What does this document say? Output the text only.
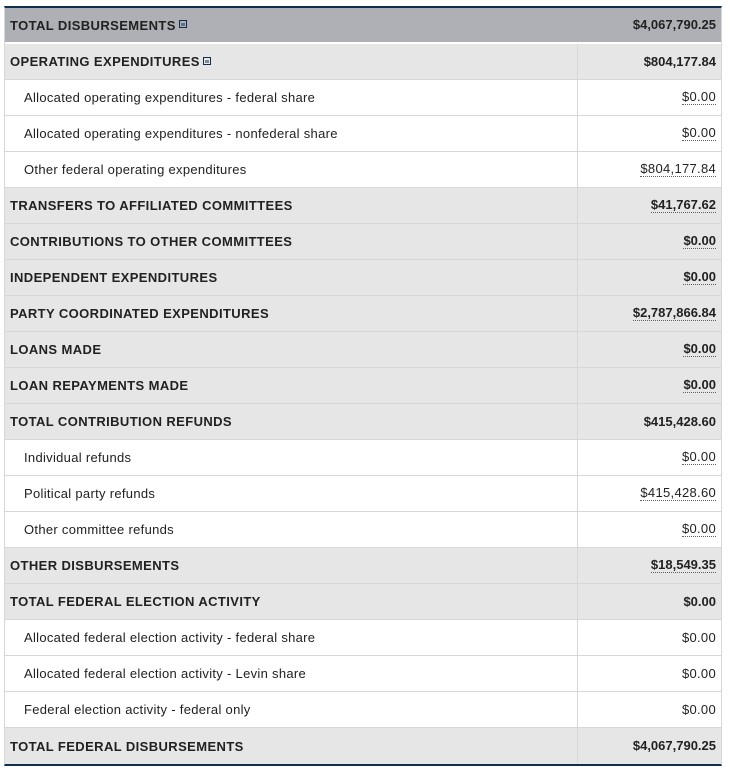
TOTAL DISBURSEMENTS	$4,067,790.25
OPERATING EXPENDITURES	$804,177.84
Allocated operating expenditures - federal share	$0.00
Allocated operating expenditures - nonfederal share	$0.00
Other federal operating expenditures	$804,177.84
TRANSFERS TO AFFILIATED COMMITTEES	$41,767.62
CONTRIBUTIONS TO OTHER COMMITTEES	$0.00
INDEPENDENT EXPENDITURES	$0.00
PARTY COORDINATED EXPENDITURES	$2,787,866.84
LOANS MADE	$0.00
LOAN REPAYMENTS MADE	$0.00
TOTAL CONTRIBUTION REFUNDS	$415,428.60
Individual refunds	$0.00
Political party refunds	$415,428.60
Other committee refunds	$0.00
OTHER DISBURSEMENTS	$18,549.35
TOTAL FEDERAL ELECTION ACTIVITY	$0.00
Allocated federal election activity - federal share	$0.00
Allocated federal election activity - Levin share	$0.00
Federal election activity - federal only	$0.00
TOTAL FEDERAL DISBURSEMENTS	$4,067,790.25
